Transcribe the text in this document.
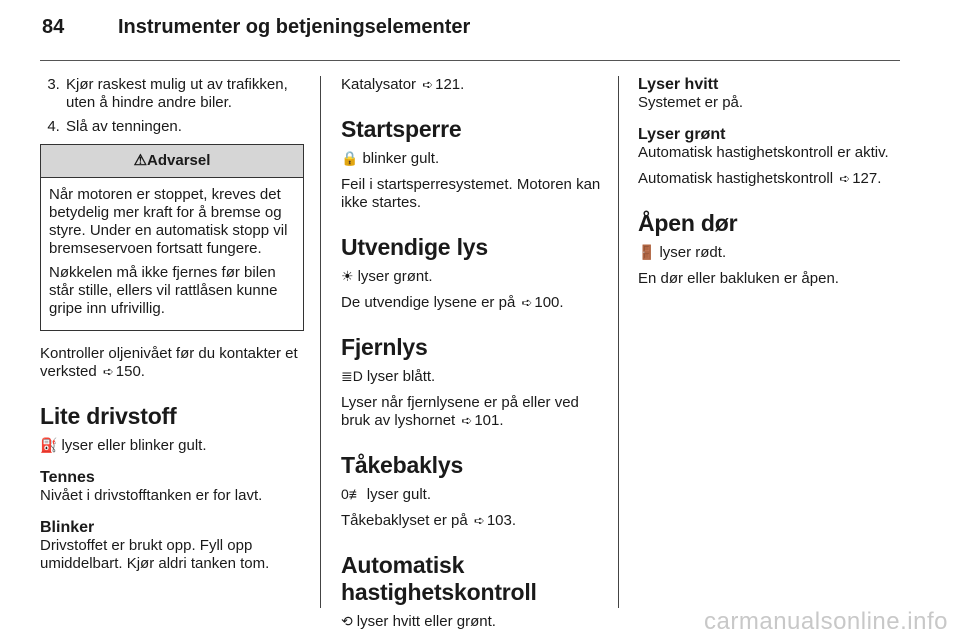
84	Instrumenter og betjeningselementer
3. Kjør raskest mulig ut av trafikken, uten å hindre andre biler.
4. Slå av tenningen.
⚠Advarsel

Når motoren er stoppet, kreves det betydelig mer kraft for å bremse og styre. Under en automatisk stopp vil bremseservoen fortsatt fungere.

Nøkkelen må ikke fjernes før bilen står stille, ellers vil rattlåsen kunne gripe inn ufrivillig.

Kontroller oljenivået før du kontakter et verksted ➪ 150.

Lite drivstoff

⛽ lyser eller blinker gult.

Tennes

Nivået i drivstofftanken er for lavt.

Blinker

Drivstoffet er brukt opp. Fyll opp umiddelbart. Kjør aldri tanken tom.

Katalysator ➪ 121.

Startsperre

🔒 blinker gult.

Feil i startsperresystemet. Motoren kan ikke startes.

Utvendige lys

☀ lyser grønt.

De utvendige lysene er på ➪ 100.

Fjernlys

≣D lyser blått.

Lyser når fjernlysene er på eller ved bruk av lyshornet ➪ 101.

Tåkebaklys

0≢ lyser gult.

Tåkebaklyset er på ➪ 103.

Automatisk
hastighetskontroll

⟲ lyser hvitt eller grønt.

Lyser hvitt

Systemet er på.

Lyser grønt

Automatisk hastighetskontroll er aktiv.

Automatisk hastighetskontroll ➪ 127.

Åpen dør

🚪 lyser rødt.

En dør eller bakluken er åpen.

carmanualsonline.info
